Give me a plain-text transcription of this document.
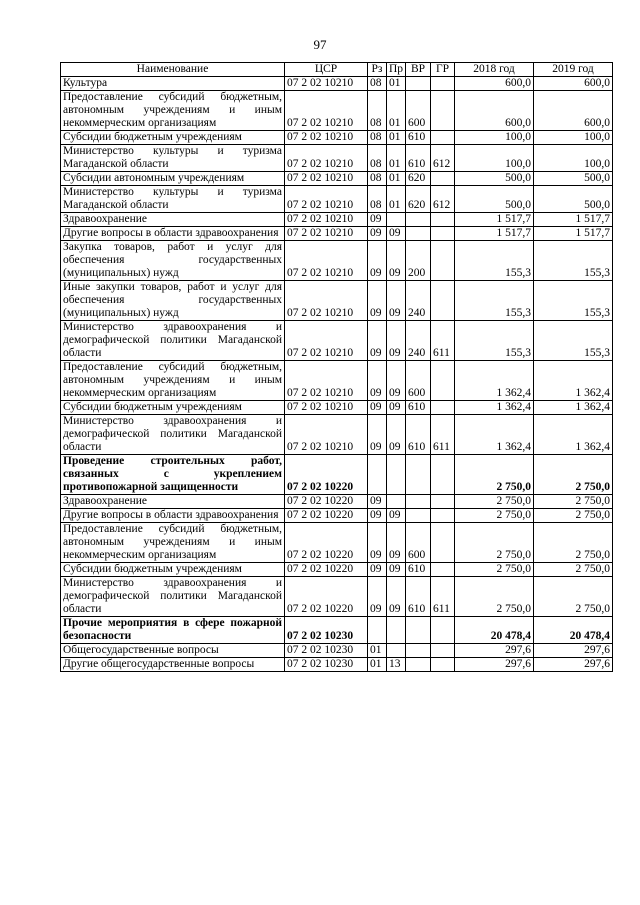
97
Наименование	ЦСР	Рз	Пр	ВР	ГР	2018 год	2019 год
Культура	07 2 02 10210	08	01			600,0	600,0
Предоставление субсидий бюджетным, автономным учреждениям и иным некоммерческим организациям	07 2 02 10210	08	01	600		600,0	600,0
Субсидии бюджетным учреждениям	07 2 02 10210	08	01	610		100,0	100,0
Министерство культуры и туризма Магаданской области	07 2 02 10210	08	01	610	612	100,0	100,0
Субсидии автономным учреждениям	07 2 02 10210	08	01	620		500,0	500,0
Министерство культуры и туризма Магаданской области	07 2 02 10210	08	01	620	612	500,0	500,0
Здравоохранение	07 2 02 10210	09				1 517,7	1 517,7
Другие вопросы в области здравоохранения	07 2 02 10210	09	09			1 517,7	1 517,7
Закупка товаров, работ и услуг для обеспечения государственных (муниципальных) нужд	07 2 02 10210	09	09	200		155,3	155,3
Иные закупки товаров, работ и услуг для обеспечения государственных (муниципальных) нужд	07 2 02 10210	09	09	240		155,3	155,3
Министерство здравоохранения и демографической политики Магаданской области	07 2 02 10210	09	09	240	611	155,3	155,3
Предоставление субсидий бюджетным, автономным учреждениям и иным некоммерческим организациям	07 2 02 10210	09	09	600		1 362,4	1 362,4
Субсидии бюджетным учреждениям	07 2 02 10210	09	09	610		1 362,4	1 362,4
Министерство здравоохранения и демографической политики Магаданской области	07 2 02 10210	09	09	610	611	1 362,4	1 362,4
Проведение строительных работ, связанных с укреплением противопожарной защищенности	07 2 02 10220					2 750,0	2 750,0
Здравоохранение	07 2 02 10220	09				2 750,0	2 750,0
Другие вопросы в области здравоохранения	07 2 02 10220	09	09			2 750,0	2 750,0
Предоставление субсидий бюджетным, автономным учреждениям и иным некоммерческим организациям	07 2 02 10220	09	09	600		2 750,0	2 750,0
Субсидии бюджетным учреждениям	07 2 02 10220	09	09	610		2 750,0	2 750,0
Министерство здравоохранения и демографической политики Магаданской области	07 2 02 10220	09	09	610	611	2 750,0	2 750,0
Прочие мероприятия в сфере пожарной безопасности	07 2 02 10230					20 478,4	20 478,4
Общегосударственные вопросы	07 2 02 10230	01				297,6	297,6
Другие общегосударственные вопросы	07 2 02 10230	01	13			297,6	297,6
